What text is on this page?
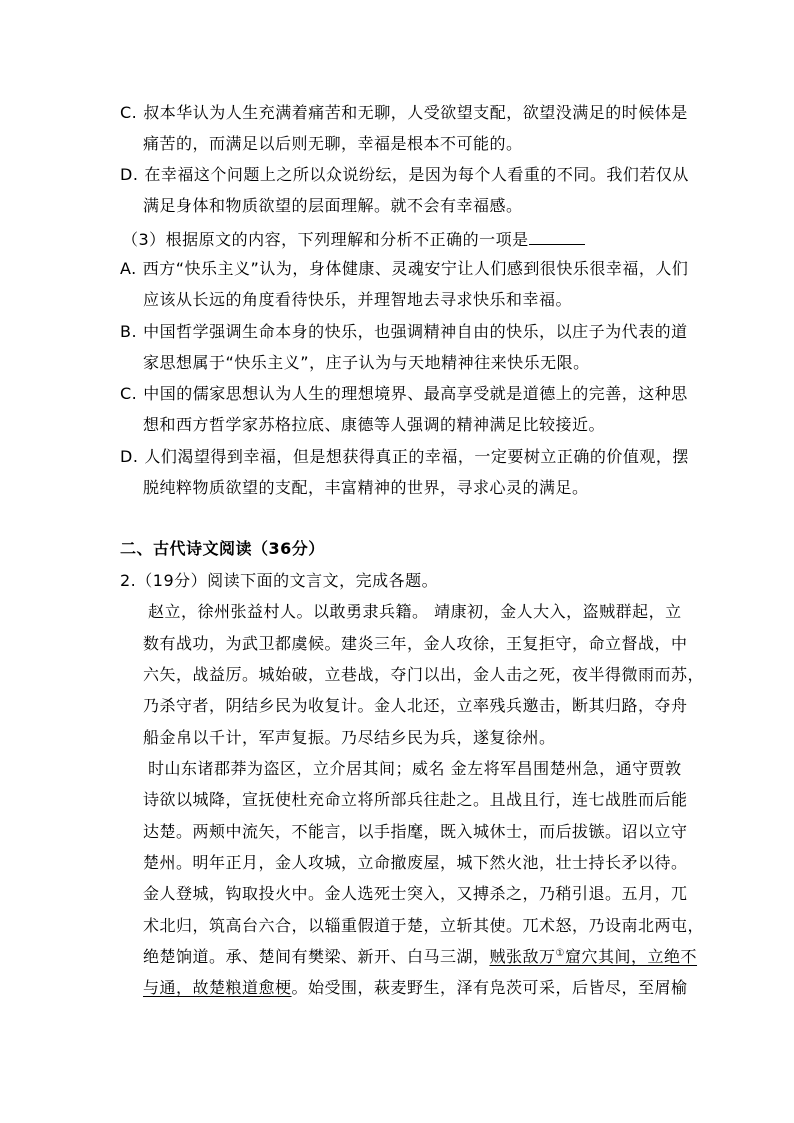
C. 叔本华认为人生充满着痛苦和无聊，人受欲望支配，欲望没满足的时候体是
痛苦的，而满足以后则无聊，幸福是根本不可能的。
D. 在幸福这个问题上之所以众说纷纭，是因为每个人看重的不同。我们若仅从
满足身体和物质欲望的层面理解。就不会有幸福感。
（3）根据原文的内容，下列理解和分析不正确的一项是
A. 西方“快乐主义”认为，身体健康、灵魂安宁让人们感到很快乐很幸福，人们
应该从长远的角度看待快乐，并理智地去寻求快乐和幸福。
B. 中国哲学强调生命本身的快乐，也强调精神自由的快乐，以庄子为代表的道
家思想属于“快乐主义”，庄子认为与天地精神往来快乐无限。
C. 中国的儒家思想认为人生的理想境界、最高享受就是道德上的完善，这种思
想和西方哲学家苏格拉底、康德等人强调的精神满足比较接近。
D. 人们渴望得到幸福，但是想获得真正的幸福，一定要树立正确的价值观，摆
脱纯粹物质欲望的支配，丰富精神的世界，寻求心灵的满足。
二、古代诗文阅读（36分）
2.（19分）阅读下面的文言文，完成各题。
赵立，徐州张益村人。以敢勇隶兵籍。 靖康初，金人大入，盗贼群起，立
数有战功，为武卫都虞候。建炎三年，金人攻徐，王复拒守，命立督战，中
六矢，战益厉。城始破，立巷战，夺门以出，金人击之死，夜半得微雨而苏，
乃杀守者，阴结乡民为收复计。金人北还，立率残兵邀击，断其归路，夺舟
船金帛以千计，军声复振。乃尽结乡民为兵，遂复徐州。
时山东诸郡莽为盗区，立介居其间；威名 金左将军昌围楚州急，通守贾敦
诗欲以城降，宣抚使杜充命立将所部兵往赴之。且战且行，连七战胜而后能
达楚。两颊中流矢，不能言，以手指麾，既入城休士，而后拔镞。诏以立守
楚州。明年正月，金人攻城，立命撤废屋，城下然火池，壮士持长矛以待。
金人登城，钩取投火中。金人选死士突入，又搏杀之，乃稍引退。五月，兀
术北归，筑高台六合，以辎重假道于楚，立斩其使。兀术怒，乃设南北两屯，
绝楚饷道。承、楚间有樊梁、新开、白马三湖，贼张敌万①窟穴其间，立绝不
与通，故楚粮道愈梗。始受围，萩麦野生，泽有凫茨可采，后皆尽，至屑榆
